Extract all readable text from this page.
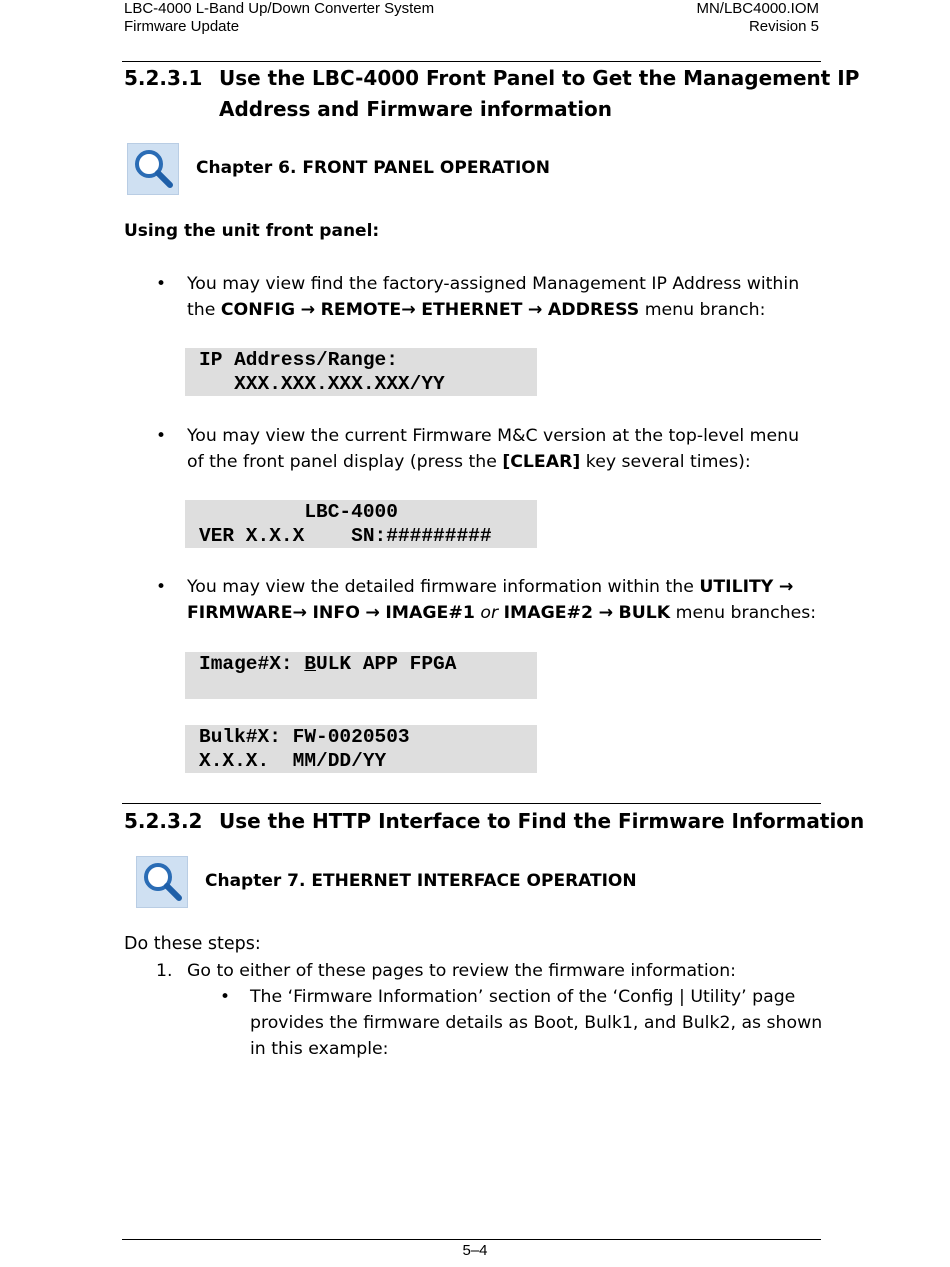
LBC-4000 L-Band Up/Down Converter System
Firmware Update
MN/LBC4000.IOM
Revision 5
5.2.3.1 Use the LBC-4000 Front Panel to Get the Management IP
Address and Firmware information
Chapter 6. FRONT PANEL OPERATION
Using the unit front panel:
• You may view find the factory-assigned Management IP Address within
the CONFIG → REMOTE→ ETHERNET → ADDRESS menu branch:
IP Address/Range:
XXX.XXX.XXX.XXX/YY
• You may view the current Firmware M&C version at the top-level menu
of the front panel display (press the [CLEAR] key several times):
LBC-4000
VER X.X.X    SN:#########
• You may view the detailed firmware information within the UTILITY →
FIRMWARE→ INFO → IMAGE#1 or IMAGE#2 → BULK menu branches:
Image#X: BULK APP FPGA
Bulk#X: FW-0020503
X.X.X.  MM/DD/YY
5.2.3.2 Use the HTTP Interface to Find the Firmware Information
Chapter 7. ETHERNET INTERFACE OPERATION
Do these steps:
1. Go to either of these pages to review the firmware information:
• The ‘Firmware Information’ section of the ‘Config | Utility’ page
provides the firmware details as Boot, Bulk1, and Bulk2, as shown
in this example:
5–4
